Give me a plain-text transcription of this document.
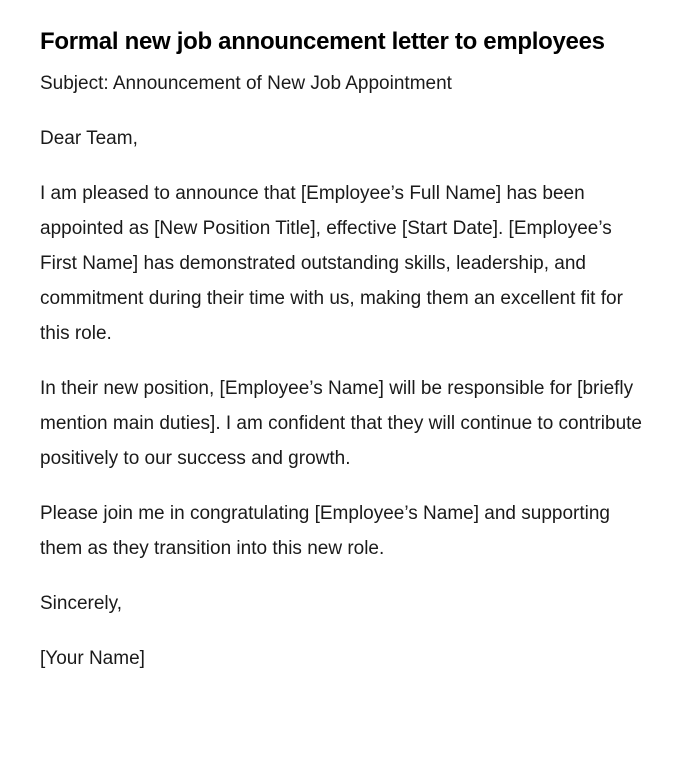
Formal new job announcement letter to employees

Subject: Announcement of New Job Appointment

Dear Team,

I am pleased to announce that [Employee’s Full Name] has been appointed as [New Position Title], effective [Start Date]. [Employee’s First Name] has demonstrated outstanding skills, leadership, and commitment during their time with us, making them an excellent fit for this role.

In their new position, [Employee’s Name] will be responsible for [briefly mention main duties]. I am confident that they will continue to contribute positively to our success and growth.

Please join me in congratulating [Employee’s Name] and supporting them as they transition into this new role.

Sincerely,

[Your Name]
